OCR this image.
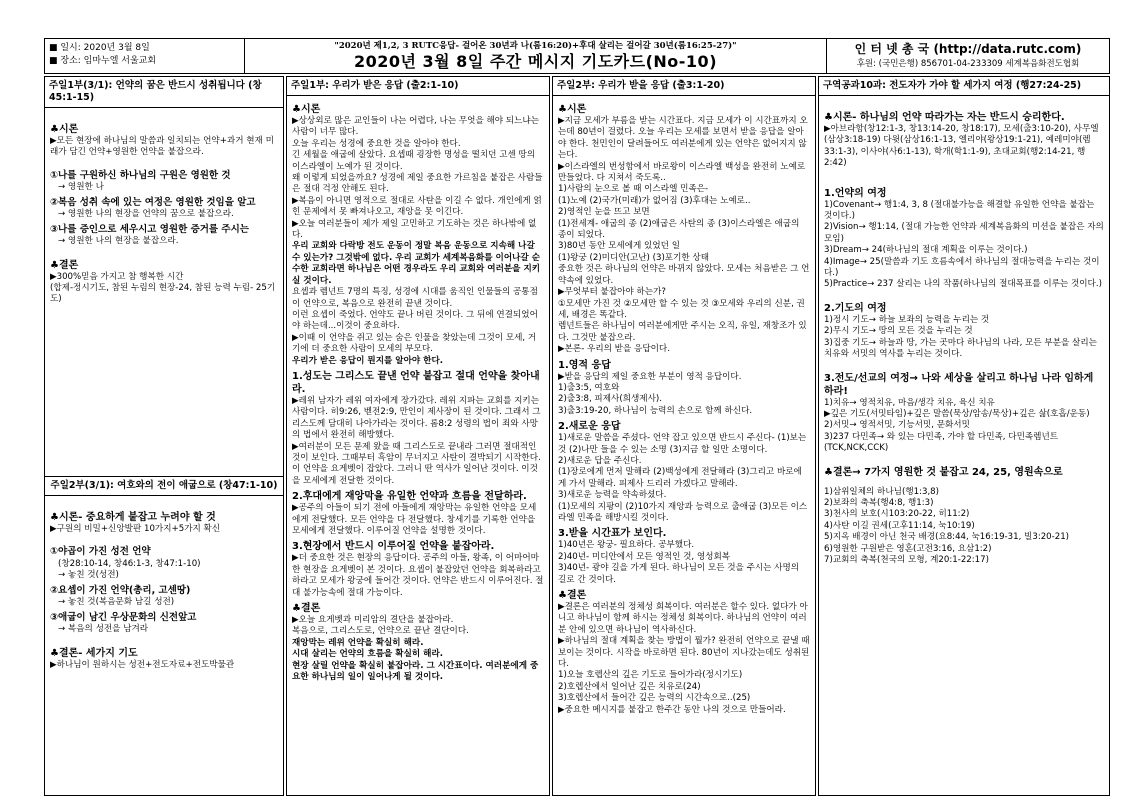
■ 일시: 2020년 3월 8일
■ 장소: 임마누엘 서울교회
"2020년 제1,2, 3 RUTC응답- 걸어온 30년과 나(롬16:20)+후대 살리는 걸어갈 30년(롬16:25-27)"
2020년 3월 8일 주간 메시지 기도카드(No-10)
인 터 넷 총 국 (http://data.rutc.com)
후원: (국민은행) 856701-04-233309 세계복음화전도협회
주일1부(3/1): 언약의 꿈은 반드시 성취됩니다 (창45:1-15)
♣시론
▶모든 현장에 하나님의 말씀과 일치되는 언약+과거 현재 미래가 담긴 언약+영원한 언약을 붙잡으라.
①나를 구원하신 하나님의 구원은 영원한 것
→ 영원한 나
②복음 성취 속에 있는 여정은 영원한 것임을 알고
→ 영원한 나의 현장을 언약의 꿈으로 붙잡으라.
③나를 증인으로 세우시고 영원한 증거를 주시는
→ 영원한 나의 현장을 붙잡으라.
♣결론
▶300%믿음 가지고 참 행복한 시간
(합제-정시기도, 참된 누림의 현장-24, 참된 능력 누림- 25기도)
주일2부(3/1): 여호와의 전이 애굽으로 (창47:1-10)
♣시론- 중요하게 붙잡고 누려야 할 것
▶구원의 비밀+신앙발판 10가지+5가지 확신
①야곱이 가진 성전 언약
(창28:10-14, 창46:1-3, 창47:1-10)
→ 놓친 것(성전)
②요셉이 가진 언약(총리, 고센땅)
→ 놓친 것(복음문화 남길 성전)
③애굽이 남긴 우상문화의 신전앞고
→ 복음의 성전을 남겨라
♣결론- 세가지 기도
▶하나님이 원하시는 성전+전도자료+전도박물관
주일1부: 우리가 받은 응답 (출2:1-10)
♣시론
▶상상외로 많은 교인들이 나는 어렵다, 나는 무엇을 해야 되느냐는 사람이 너무 많다.
오늘 우리는 성경에 중요한 것을 알아야 한다.
긴 세월을 애굽에 살았다. 요셉때 굉장한 명성을 떨치던 고센 땅의 이스라엘이 노예가 된 것이다.
왜 이렇게 되었을까요? 성경에 제일 중요한 가르침을 붙잡은 사람들은 절대 걱정 안해도 된다.
▶복음이 아니면 영적으로 절대로 사탄을 이길 수 없다. 개인에게 얽힌 문제에서 못 빠져나오고, 재앙을 못 이긴다.
▶오늘 여러분들이 제가 제일 고민하고 기도하는 것은 하나밖에 없다.
우리 교회와 다락방 전도 운동이 정말 복음 운동으로 지속해 나갈 수 있는가? 그것밖에 없다. 우리 교회가 세계복음화를 이어나갈 순수한 교회라면 하나님은 어떤 경우라도 우리 교회와 여러분을 지키실 것이다.
요셉과 렘넌트 7명의 특징, 성경에 시대를 움직인 인물들의 공통점이 언약으로, 복음으로 완전히 끝낸 것이다.
이런 요셉이 죽었다. 언약도 끝나 버린 것이다. 그 뒤에 연결되었어야 하는데...이것이 중요하다.
▶이때 이 언약을 쥐고 있는 숨은 인물을 찾았는데 그것이 모세, 거기에 더 중요한 사람이 모세의 부모다.
우리가 받은 응답이 뭔지를 알아야 한다.
1.성도는 그리스도 끝낸 언약 붙잡고 절대 언약을 찾아내라.
▶레위 남자가 레위 여자에게 장가갔다. 레위 지파는 교회를 지키는 사람이다. 히9:26, 벧전2:9, 만인이 제사장이 된 것이다. 그래서 그리스도께 담대히 나아가라는 것이다. 롬8:2 성령의 법이 죄와 사망의 법에서 완전히 해방했다.
▶여러분이 모든 문제 왔을 때 그리스도로 끝내라 그러면 절대적인 것이 보인다. 그때부터 흑암이 무너지고 사탄이 결박되기 시작한다. 이 언약을 요게벳이 잡았다. 그러니 딴 역사가 일어난 것이다. 이것을 모세에게 전달한 것이다.
2.후대에게 재앙막을 유일한 언약과 흐름을 전달하라.
▶공주의 아들이 되기 전에 아들에게 재앙막는 유일한 언약을 모세에게 전달했다. 모든 언약을 다 전달했다. 창세기를 기록한 언약을 모세에게 전달했다. 이루어질 언약을 설명한 것이다.
3.현장에서 반드시 이루어질 언약을 붙잡아라.
▶더 중요한 것은 현장의 응답이다. 공주의 아들, 왕족, 이 어마어마한 현장을 요게벳이 본 것이다. 요셉이 붙잡았던 언약을 회복하라고 하라고 모세가 왕궁에 들어간 것이다. 언약은 반드시 이루어진다. 절대 불가능속에 절대 가능이다.
♣결론
▶오늘 요게벳과 미리암의 결단을 붙잡아라.
복음으로, 그리스도로, 언약으로 끝난 결단이다.
재앙막는 레위 언약을 확실히 해라.
시대 살리는 언약의 흐름을 확실히 해라.
현장 살릴 언약을 확실히 붙잡아라. 그 시간표이다. 여러분에게 중요한 하나님의 일이 일어나게 될 것이다.
주일2부: 우리가 받을 응답 (출3:1-20)
♣시론
▶지금 모세가 부름을 받는 시간표다. 지금 모세가 이 시간표까지 오는데 80년이 걸렸다. 오늘 우리는 모세를 보면서 받을 응답을 알아야 한다. 천민인이 달려들어도 여러분에게 있는 언약은 없어지지 않는다.
▶이스라엘의 번성함에서 바로왕이 이스라엘 백성을 완전히 노예로 만들었다. 다 지쳐서 죽도록..
1)사람의 눈으로 볼 때 이스라엘 민족은-
(1)노예 (2)국가(미래)가 없어짐 (3)후대는 노예로..
2)영적인 눈을 뜨고 보면
(1)전세계- 애굽의 종 (2)애굽은 사탄의 종 (3)이스라엘은 애굽의 종이 되었다.
3)80년 동안 모세에게 있었던 일
(1)왕궁 (2)미디안(고난) (3)포기한 상태
중요한 것은 하나님의 언약은 바뀌지 않았다. 모세는 처음받은 그 언약속에 있었다.
▶무엇부터 붙잡아야 하는가?
①모세만 가진 것 ②모세만 할 수 있는 것 ③모세와 우리의 신분, 권세, 배경은 똑같다.
렘넌트들은 하나님이 여러분에게만 주시는 오직, 유일, 재창조가 있다. 그것만 붙잡으라.
▶본론- 우리의 받을 응답이다.
1.영적 응답
▶받을 응답의 제일 중요한 부분이 영적 응답이다.
1)출3:5, 여호와
2)출3:8, 피제사(희생제사).
3)출3:19-20, 하나님이 능력의 손으로 함께 하신다.
2.새로운 응답
1)새로운 말씀을 주셨다- 언약 잡고 있으면 반드시 주신다- (1)보는 것 (2)나만 들을 수 있는 소명 (3)지금 할 일만 소명이다.
2)새로운 답을 주신다.
(1)장로에게 먼저 말해라 (2)백성에게 전달해라 (3)그리고 바로에게 가서 말해라. 피제사 드리러 가겠다고 말해라.
3)새로운 능력을 약속하셨다.
(1)모세의 지팡이 (2)10가지 재앙과 능력으로 출애굽 (3)모든 이스라엘 민족을 해방시킬 것이다.
3.받을 시간표가 보인다.
1)40년은 왕궁- 필요하다. 공부했다.
2)40년- 미디안에서 모든 영적인 것, 영성회복
3)40년- 광야 길을 가게 된다. 하나님이 모든 것을 주시는 사명의 길로 간 것이다.
♣결론
▶결론은 여러분의 정체성 회복이다. 여러분은 할수 있다. 없다가 아니고 하나님이 함께 하시는 정체성 회복이다. 하나님의 언약이 여러분 안에 있으면 하나님이 역사하신다.
▶하나님의 절대 계획을 찾는 방법이 뭘가? 완전히 언약으로 끝낼 때 보이는 것이다. 시작을 바로하면 된다. 80년이 지나갔는데도 성취된다.
1)오늘 호렙산의 깊은 기도로 들어가라(정시기도)
2)호렙산에서 일어난 깊은 치유로(24)
3)호렙산에서 들어간 깊은 능력의 시간속으로..(25)
▶중요한 메시지를 붙잡고 한주간 동안 나의 것으로 만들어라.
구역공과10과: 전도자가 가야 할 세가지 여정 (행27:24-25)
♣시론- 하나님의 언약 따라가는 자는 반드시 승리한다.
▶아브라함(창12:1-3, 창13:14-20, 창18:17), 모세(출3:10-20), 사무엘(삼상3:18-19) 다윗(삼상16:1-13, 엘리야(왕상19:1-21), 예레미야(렘33:1-3), 이사야(사6:1-13), 학개(학1:1-9), 초대교회(행2:14-21, 행2:42)
1.언약의 여정
1)Covenant→ 행1:4, 3, 8 (절대불가능을 해결할 유일한 언약을 붙잡는 것이다.)
2)Vision→ 행1:14, (절대 가능한 언약과 세계복음화의 미션을 붙잡은 자의 모임)
3)Dream→ 24(하나님의 절대 계획을 이루는 것이다.)
4)Image→ 25(말씀과 기도 흐름속에서 하나님의 절대능력을 누리는 것이다.)
5)Practice→ 237 살리는 나의 작품(하나님의 절대목표를 이루는 것이다.)
2.기도의 여정
1)정시 기도→ 하늘 보좌의 능력을 누리는 것
2)무시 기도→ 땅의 모든 것을 누리는 것
3)집중 기도→ 하늘과 땅, 가는 곳마다 하나님의 나라, 모든 부분을 살리는 치유와 서밋의 역사를 누리는 것이다.
3.전도/선교의 여정→ 나와 세상을 살리고 하나님 나라 임하게 하라!
1)치유→ 영적치유, 마음/생각 치유, 육신 치유
▶깊은 기도(서밋타임)+깊은 말씀(묵상/암송/묵상)+깊은 삶(호흡/운동)
2)서밋→ 영적서밋, 기능서밋, 문화서밋
3)237 다민족→ 와 있는 다민족, 가야 할 다민족, 다민족렘넌트(TCK,NCK,CCK)
♣결론→ 7가지 영원한 것 붙잡고 24, 25, 영원속으로
1)삼위일체의 하나님(행1:3,8)
2)보좌의 축복(행4:8, 행1:3)
3)천사의 보호(시103:20-22, 히11:2)
4)사탄 이길 권세(고후11:14, 눅10:19)
5)지옥 배경이 아닌 천국 배경(요8:44, 눅16:19-31, 빌3:20-21)
6)영원한 구원받은 영혼(고전3:16, 요삼1:2)
7)교회의 축복(천국의 모형, 계20:1-22:17)
